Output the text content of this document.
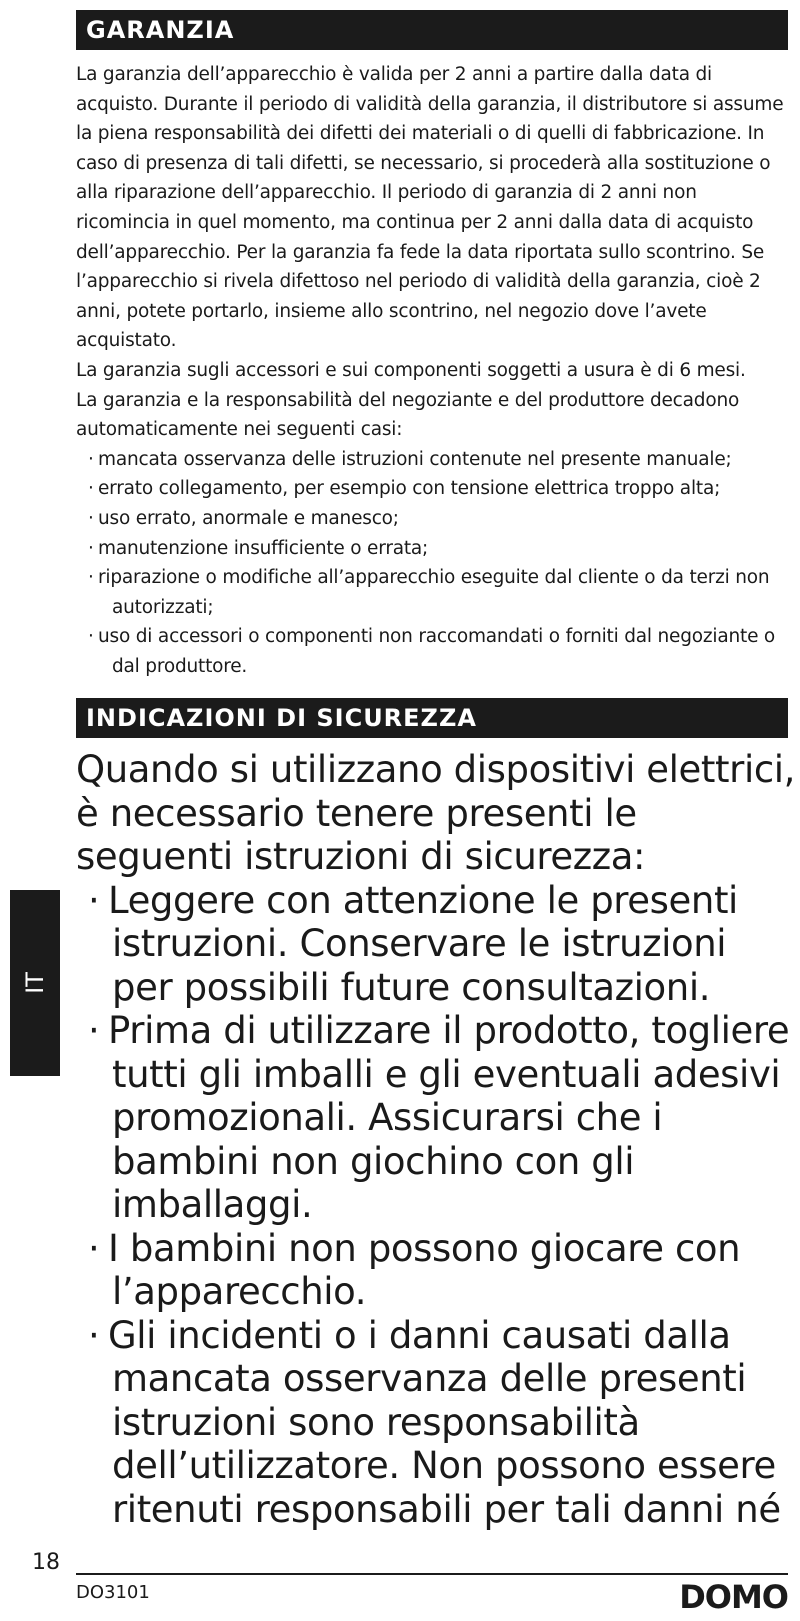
GARANZIA

La garanzia dell’apparecchio è valida per 2 anni a partire dalla data di acquisto. Durante il periodo di validità della garanzia, il distributore si assume la piena responsabilità dei difetti dei materiali o di quelli di fabbricazione. In caso di presenza di tali difetti, se necessario, si procederà alla sostituzione o alla riparazione dell’apparecchio. Il periodo di garanzia di 2 anni non ricomincia in quel momento, ma continua per 2 anni dalla data di acquisto dell’apparecchio. Per la garanzia fa fede la data riportata sullo scontrino. Se l’apparecchio si rivela difettoso nel periodo di validità della garanzia, cioè 2 anni, potete portarlo, insieme allo scontrino, nel negozio dove l’avete acquistato.

La garanzia sugli accessori e sui componenti soggetti a usura è di 6 mesi.

La garanzia e la responsabilità del negoziante e del produttore decadono automaticamente nei seguenti casi:

· mancata osservanza delle istruzioni contenute nel presente manuale;
· errato collegamento, per esempio con tensione elettrica troppo alta;
· uso errato, anormale e manesco;
· manutenzione insufficiente o errata;
· riparazione o modifiche all’apparecchio eseguite dal cliente o da terzi non autorizzati;
· uso di accessori o componenti non raccomandati o forniti dal negoziante o dal produttore.
INDICAZIONI DI SICUREZZA

Quando si utilizzano dispositivi elettrici, è necessario tenere presenti le seguenti istruzioni di sicurezza:

· Leggere con attenzione le presenti istruzioni. Conservare le istruzioni per possibili future consultazioni.
· Prima di utilizzare il prodotto, togliere tutti gli imballi e gli eventuali adesivi promozionali. Assicurarsi che i bambini non giochino con gli imballaggi.
· I bambini non possono giocare con l’apparecchio.
· Gli incidenti o i danni causati dalla mancata osservanza delle presenti istruzioni sono responsabilità dell’utilizzatore. Non possono essere ritenuti responsabili per tali danni né
IT
18
DO3101	DOMO
